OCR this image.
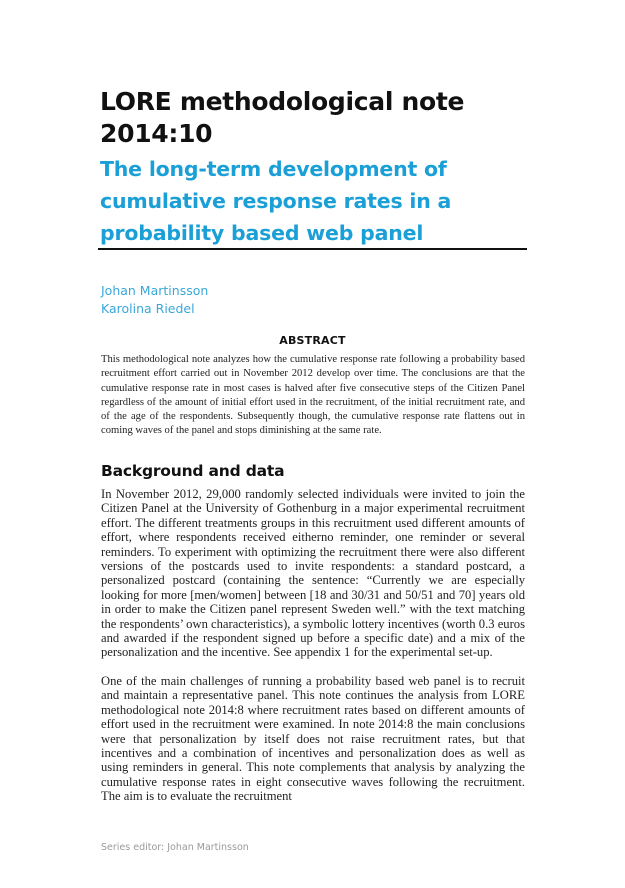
LORE methodological note 2014:10
The long-term development of cumulative response rates in a probability based web panel
Johan Martinsson
Karolina Riedel
ABSTRACT

This methodological note analyzes how the cumulative response rate following a probability based recruitment effort carried out in November 2012 develop over time. The conclusions are that the cumulative response rate in most cases is halved after five consecutive steps of the Citizen Panel regardless of the amount of initial effort used in the recruitment, of the initial recruitment rate, and of the age of the respondents. Subsequently though, the cumulative response rate flattens out in coming waves of the panel and stops diminishing at the same rate.

Background and data

In November 2012, 29,000 randomly selected individuals were invited to join the Citizen Panel at the University of Gothenburg in a major experimental recruitment effort. The different treatments groups in this recruitment used different amounts of effort, where respondents received eitherno reminder, one reminder or several reminders. To experiment with optimizing the recruitment there were also different versions of the postcards used to invite respondents: a standard postcard, a personalized postcard (containing the sentence: “Currently we are especially looking for more [men/women] between [18 and 30/31 and 50/51 and 70] years old in order to make the Citizen panel represent Sweden well.” with the text matching the respondents’ own characteristics), a symbolic lottery incentives (worth 0.3 euros and awarded if the respondent signed up before a specific date) and a mix of the personalization and the incentive. See appendix 1 for the experimental set-up.

One of the main challenges of running a probability based web panel is to recruit and maintain a representative panel. This note continues the analysis from LORE methodological note 2014:8 where recruitment rates based on different amounts of effort used in the recruitment were examined. In note 2014:8 the main conclusions were that personalization by itself does not raise recruitment rates, but that incentives and a combination of incentives and personalization does as well as using reminders in general. This note complements that analysis by analyzing the cumulative response rates in eight consecutive waves following the recruitment. The aim is to evaluate the recruitment

Series editor: Johan Martinsson
